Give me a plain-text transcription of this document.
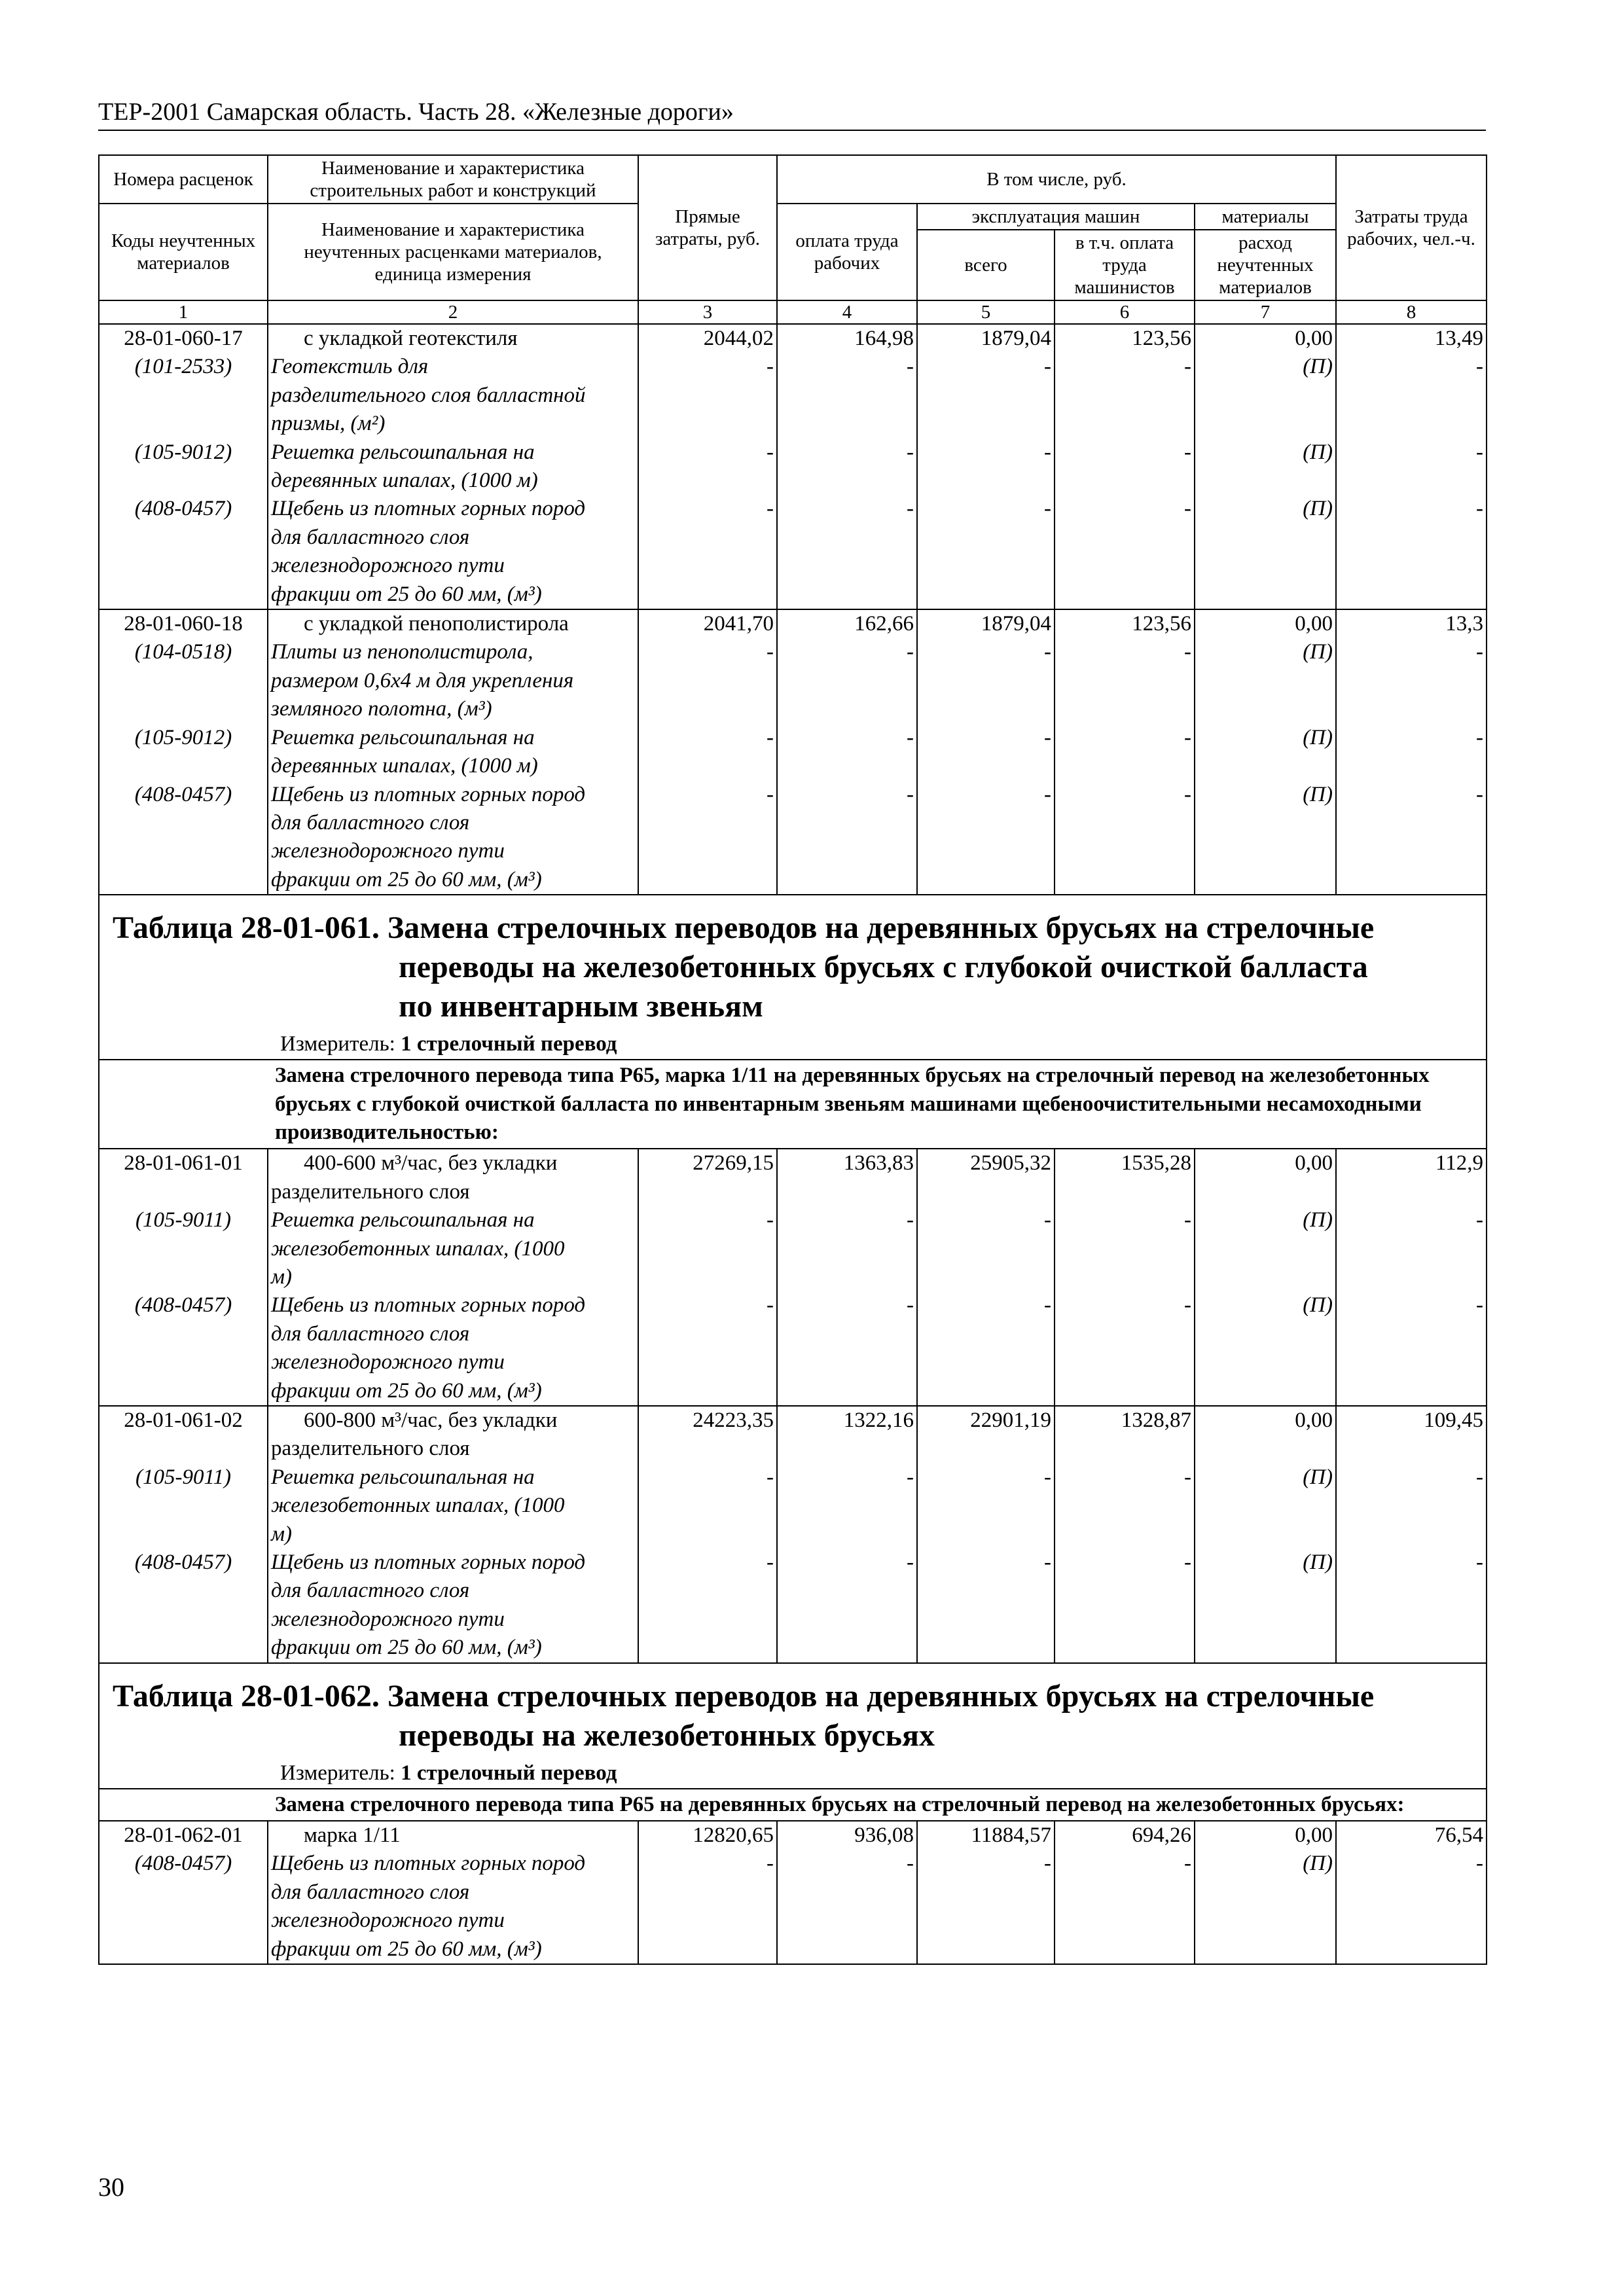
ТЕР-2001 Самарская область. Часть 28. «Железные дороги»
Номера расценок	Наименование и характеристика строительных работ и конструкций	Прямые затраты, руб.	В том числе, руб.				Затраты труда рабочих, чел.-ч.
Коды неучтенных материалов	Наименование и характеристика неучтенных расценками материалов, единица измерения		оплата труда рабочих	эксплуатация машин		материалы	
				всего	в т.ч. оплата труда машинистов	расход неучтенных материалов	
1	2	3	4	5	6	7	8
28-01-060-17	с укладкой геотекстиля	2044,02	164,98	1879,04	123,56	0,00	13,49
(101-2533)	Геотекстиль для
разделительного слоя балластной
призмы, (м²)	-	-	-	-	(П)	-
(105-9012)	Решетка рельсошпальная на
деревянных шпалах, (1000 м)	-	-	-	-	(П)	-
(408-0457)	Щебень из плотных горных пород
для балластного слоя
железнодорожного пути
фракции от 25 до 60 мм, (м³)	-	-	-	-	(П)	-
28-01-060-18	с укладкой пенополистирола	2041,70	162,66	1879,04	123,56	0,00	13,3
(104-0518)	Плиты из пенополистирола,
размером 0,6х4 м для укрепления
земляного полотна, (м³)	-	-	-	-	(П)	-
(105-9012)	Решетка рельсошпальная на
деревянных шпалах, (1000 м)	-	-	-	-	(П)	-
(408-0457)	Щебень из плотных горных пород
для балластного слоя
железнодорожного пути
фракции от 25 до 60 мм, (м³)	-	-	-	-	(П)	-

Таблица 28-01-061. Замена стрелочных переводов на деревянных брусьях на стрелочные
переводы на железобетонных брусьях с глубокой очисткой балласта
по инвентарным звеньям
Измеритель: 1 стрелочный перевод							

Замена стрелочного перевода типа Р65, марка 1/11 на деревянных брусьях на стрелочный перевод на железобетонных брусьях с глубокой очисткой балласта по инвентарным звеньям машинами щебеноочистительными несамоходными производительностью:							
28-01-061-01	400-600 м³/час, без укладки
разделительного слоя	27269,15	1363,83	25905,32	1535,28	0,00	112,9
(105-9011)	Решетка рельсошпальная на
железобетонных шпалах, (1000
м)	-	-	-	-	(П)	-
(408-0457)	Щебень из плотных горных пород
для балластного слоя
железнодорожного пути
фракции от 25 до 60 мм, (м³)	-	-	-	-	(П)	-
28-01-061-02	600-800 м³/час, без укладки
разделительного слоя	24223,35	1322,16	22901,19	1328,87	0,00	109,45
(105-9011)	Решетка рельсошпальная на
железобетонных шпалах, (1000
м)	-	-	-	-	(П)	-
(408-0457)	Щебень из плотных горных пород
для балластного слоя
железнодорожного пути
фракции от 25 до 60 мм, (м³)	-	-	-	-	(П)	-

Таблица 28-01-062. Замена стрелочных переводов на деревянных брусьях на стрелочные
переводы на железобетонных брусьях
Измеритель: 1 стрелочный перевод							

Замена стрелочного перевода типа Р65 на деревянных брусьях на стрелочный перевод на железобетонных брусьях:							
28-01-062-01	марка 1/11	12820,65	936,08	11884,57	694,26	0,00	76,54
(408-0457)	Щебень из плотных горных пород
для балластного слоя
железнодорожного пути
фракции от 25 до 60 мм, (м³)	-	-	-	-	(П)	-
30
